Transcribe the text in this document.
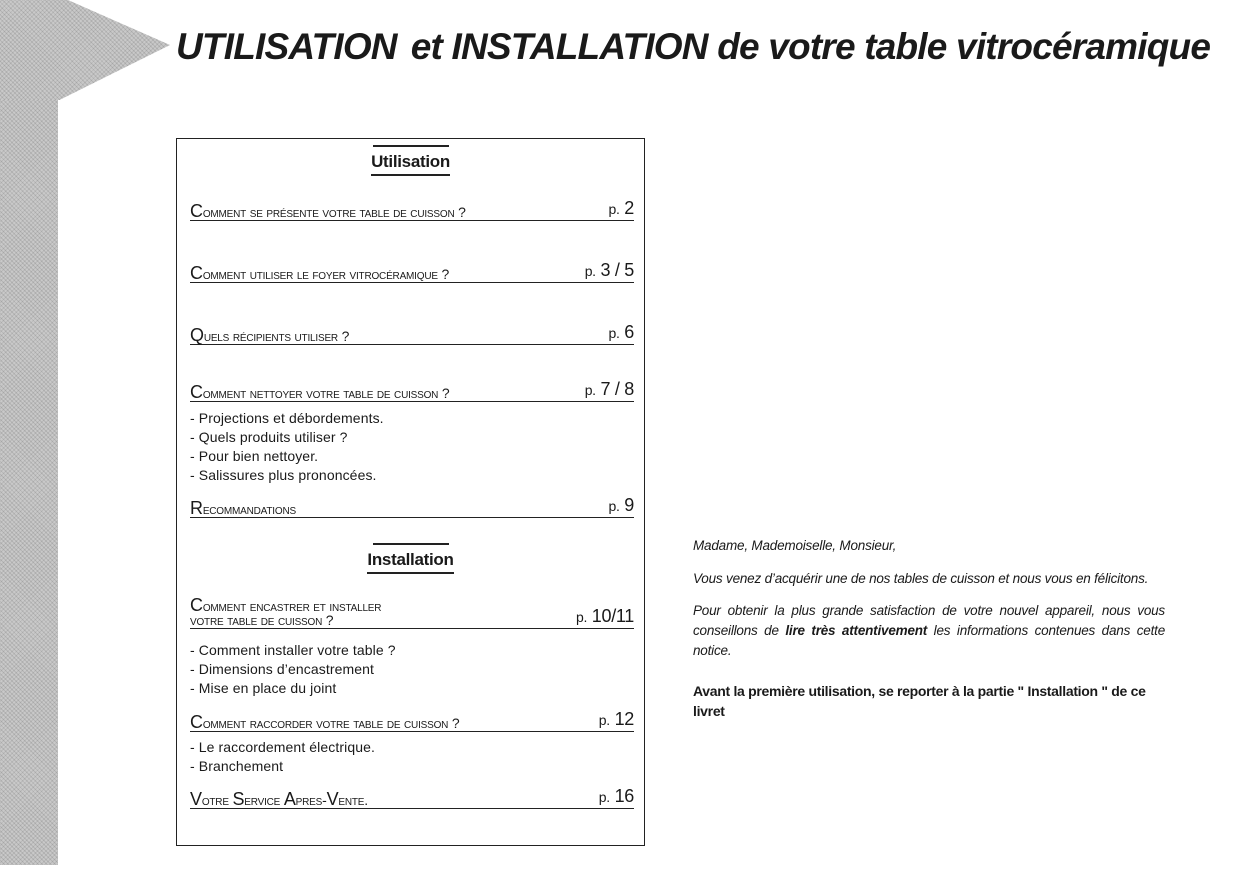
UTILISATION et INSTALLATION de votre table vitrocéramique
Utilisation
Comment se présente votre table de cuisson ?	p. 2
Comment utiliser le foyer vitrocéramique ?	p. 3 / 5
Quels récipients utiliser ?	p. 6
Comment nettoyer votre table de cuisson ?	p. 7 / 8
- Projections et débordements.
- Quels produits utiliser ?
- Pour bien nettoyer.
- Salissures plus prononcées.
Recommandations	p. 9
Installation
Comment encastrer et installer
votre table de cuisson ?	p. 10/11
- Comment installer votre table ?
- Dimensions d’encastrement
- Mise en place du joint
Comment raccorder votre table de cuisson ?	p. 12
- Le raccordement électrique.
- Branchement
Votre Service Apres-Vente.	p. 16

Madame, Mademoiselle, Monsieur,

Vous venez d’acquérir une de nos tables de cuisson et nous vous en félicitons.

Pour obtenir la plus grande satisfaction de votre nouvel appareil, nous vous conseillons de lire très attentivement les informations contenues dans cette notice.

Avant la première utilisation, se reporter à la partie " Installation " de ce livret
